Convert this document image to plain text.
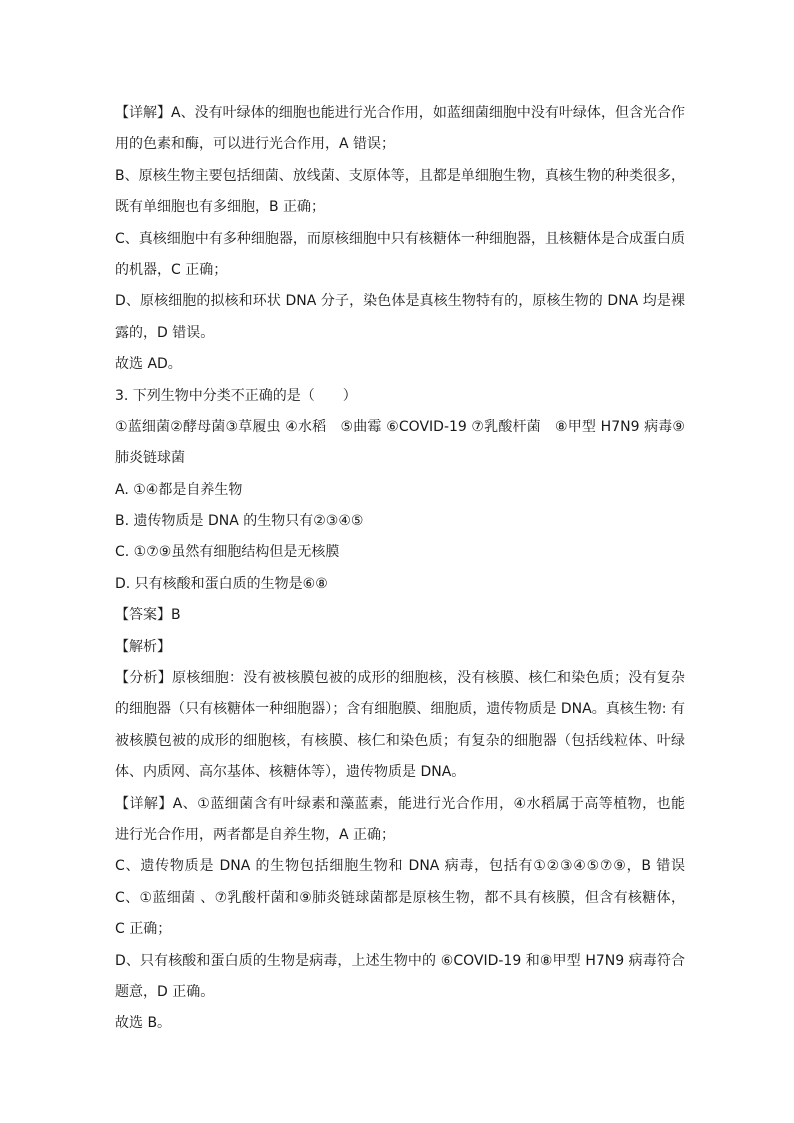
【详解】A、没有叶绿体的细胞也能进行光合作用，如蓝细菌细胞中没有叶绿体，但含光合作
用的色素和酶，可以进行光合作用，A 错误；
B、原核生物主要包括细菌、放线菌、支原体等，且都是单细胞生物，真核生物的种类很多，
既有单细胞也有多细胞，B 正确；
C、真核细胞中有多种细胞器，而原核细胞中只有核糖体一种细胞器，且核糖体是合成蛋白质
的机器，C 正确；
D、原核细胞的拟核和环状 DNA 分子，染色体是真核生物特有的，原核生物的 DNA 均是裸
露的，D 错误。
故选 AD。
3. 下列生物中分类不正确的是（　　）
①蓝细菌②酵母菌③草履虫 ④水稻　⑤曲霉 ⑥COVID-19 ⑦乳酸杆菌　⑧甲型 H7N9 病毒⑨
肺炎链球菌
A. ①④都是自养生物
B. 遗传物质是 DNA 的生物只有②③④⑤
C. ①⑦⑨虽然有细胞结构但是无核膜
D. 只有核酸和蛋白质的生物是⑥⑧
【答案】B
【解析】
【分析】原核细胞：没有被核膜包被的成形的细胞核，没有核膜、核仁和染色质；没有复杂
的细胞器（只有核糖体一种细胞器）；含有细胞膜、细胞质，遗传物质是 DNA。真核生物: 有
被核膜包被的成形的细胞核，有核膜、核仁和染色质；有复杂的细胞器（包括线粒体、叶绿
体、内质网、高尔基体、核糖体等），遗传物质是 DNA。
【详解】A、①蓝细菌含有叶绿素和藻蓝素，能进行光合作用，④水稻属于高等植物，也能
进行光合作用，两者都是自养生物，A 正确；
C、遗传物质是 DNA 的生物包括细胞生物和 DNA 病毒，包括有①②③④⑤⑦⑨，B 错误
C、①蓝细菌 、⑦乳酸杆菌和⑨肺炎链球菌都是原核生物，都不具有核膜，但含有核糖体，
C 正确；
D、只有核酸和蛋白质的生物是病毒，上述生物中的 ⑥COVID-19 和⑧甲型 H7N9 病毒符合
题意，D 正确。
故选 B。
